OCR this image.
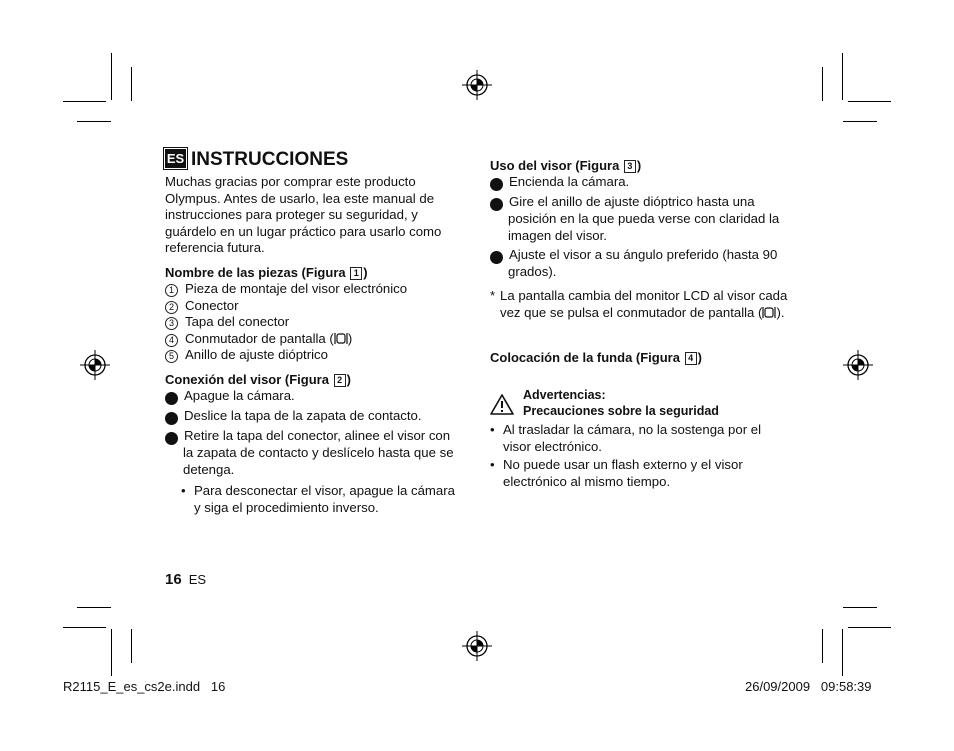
ES INSTRUCCIONES
Muchas gracias por comprar este producto Olympus. Antes de usarlo, lea este manual de instrucciones para proteger su seguridad, y guárdelo en un lugar práctico para usarlo como referencia futura.
Nombre de las piezas (Figura 1 )
1 Pieza de montaje del visor electrónico
2 Conector
3 Tapa del conector
4 Conmutador de pantalla ( )
5 Anillo de ajuste dióptrico
Conexión del visor (Figura 2 )
1 Apague la cámara.
2 Deslice la tapa de la zapata de contacto.
3 Retire la tapa del conector, alinee el visor con la zapata de contacto y deslícelo hasta que se detenga.
• Para desconectar el visor, apague la cámara y siga el procedimiento inverso.
16 ES
Uso del visor (Figura 3 )
1 Encienda la cámara.
2 Gire el anillo de ajuste dióptrico hasta una posición en la que pueda verse con claridad la imagen del visor.
3 Ajuste el visor a su ángulo preferido (hasta 90 grados).
* La pantalla cambia del monitor LCD al visor cada vez que se pulsa el conmutador de pantalla ( ).
Colocación de la funda (Figura 4 )
Advertencias:
Precauciones sobre la seguridad
• Al trasladar la cámara, no la sostenga por el visor electrónico.
• No puede usar un flash externo y el visor electrónico al mismo tiempo.
R2115_E_es_cs2e.indd   16	26/09/2009   09:58:39
